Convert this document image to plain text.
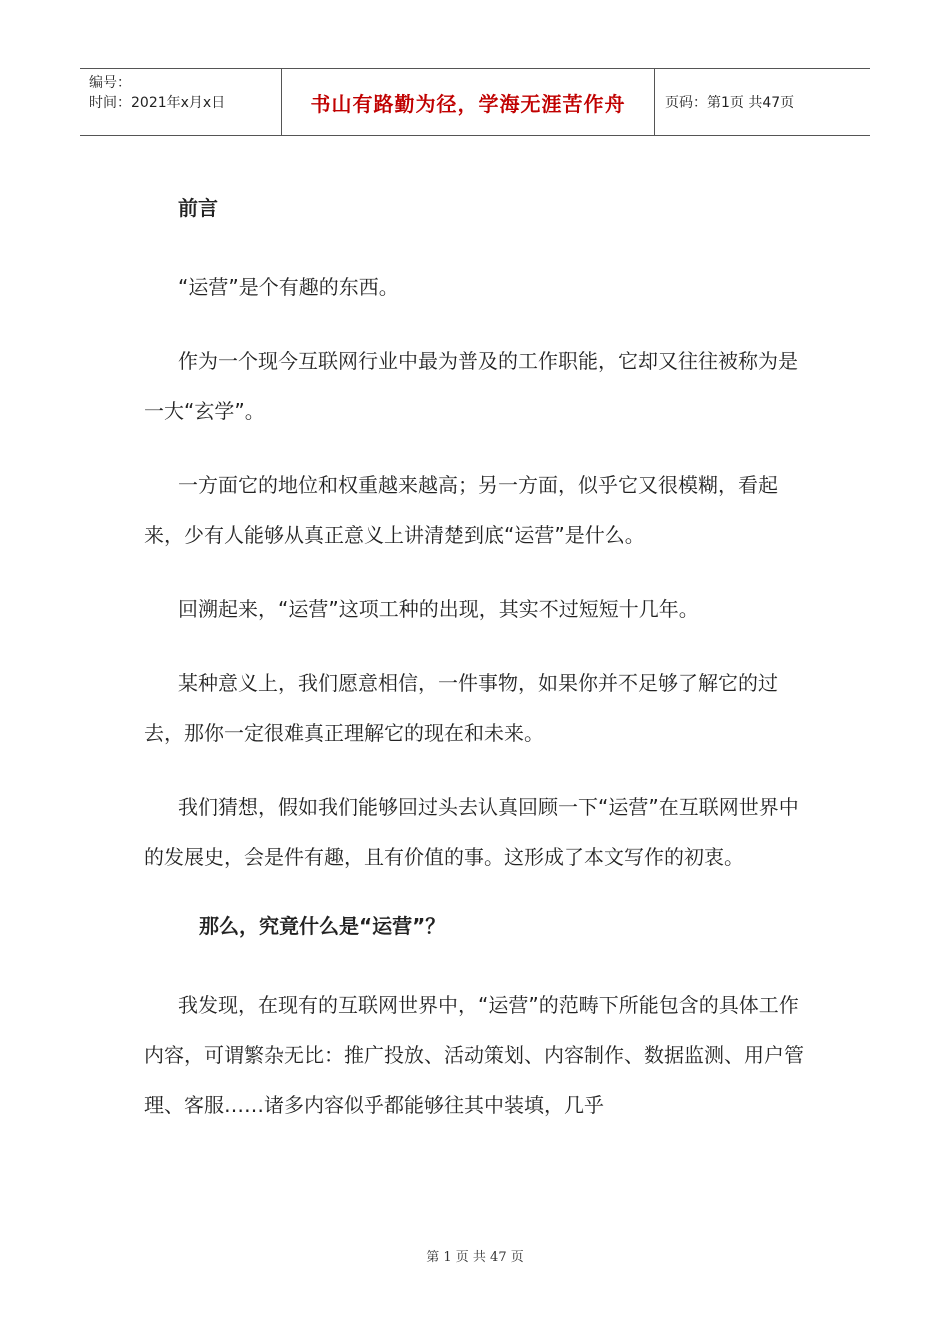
编号：
时间：2021年x月x日	书山有路勤为径，学海无涯苦作舟	页码：第1页 共47页
前言

“运营”是个有趣的东西。

作为一个现今互联网行业中最为普及的工作职能，它却又往往被称为是一大“玄学”。

一方面它的地位和权重越来越高；另一方面，似乎它又很模糊，看起来，少有人能够从真正意义上讲清楚到底“运营”是什么。

回溯起来，“运营”这项工种的出现，其实不过短短十几年。

某种意义上，我们愿意相信，一件事物，如果你并不足够了解它的过去，那你一定很难真正理解它的现在和未来。

我们猜想，假如我们能够回过头去认真回顾一下“运营”在互联网世界中的发展史，会是件有趣，且有价值的事。这形成了本文写作的初衷。

那么，究竟什么是“运营”？

我发现，在现有的互联网世界中，“运营”的范畴下所能包含的具体工作内容，可谓繁杂无比：推广投放、活动策划、内容制作、数据监测、用户管理、客服……诸多内容似乎都能够往其中装填，几乎

第 1 页 共 47 页
